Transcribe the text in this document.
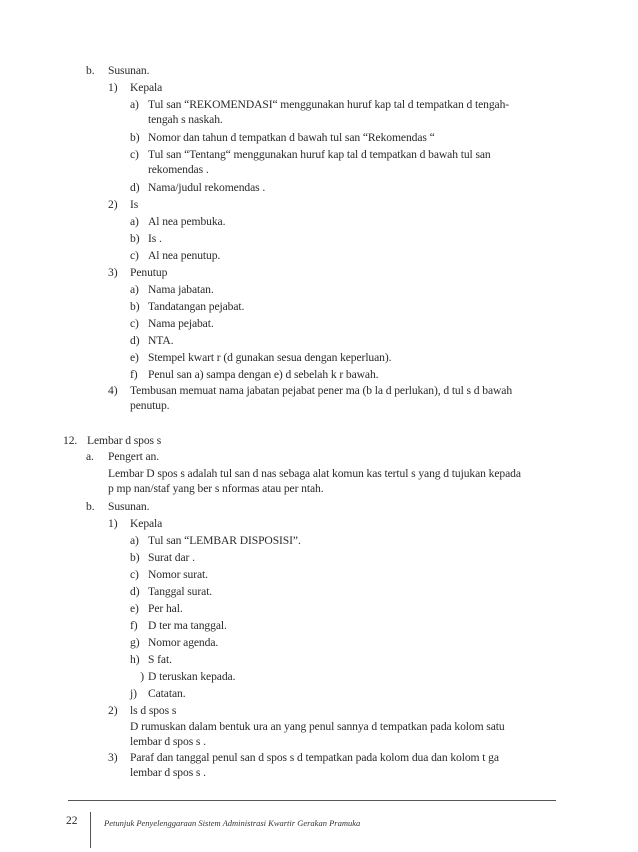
b. Susunan.
1) Kepala
a) Tul san “REKOMENDASI“ menggunakan huruf kap tal d tempatkan d tengah-
tengah s naskah.
b) Nomor dan tahun d tempatkan d bawah tul san “Rekomendas “
c) Tul san “Tentang“ menggunakan huruf kap tal d tempatkan d bawah tul san
rekomendas .
d) Nama/judul rekomendas .
2) Is
a) Al nea pembuka.
b) Is .
c) Al nea penutup.
3) Penutup
a) Nama jabatan.
b) Tandatangan pejabat.
c) Nama pejabat.
d) NTA.
e) Stempel kwart r (d gunakan sesua dengan keperluan).
f) Penul san a) sampa dengan e) d sebelah k r bawah.
4) Tembusan memuat nama jabatan pejabat pener ma (b la d perlukan), d tul s d bawah
penutup.
12. Lembar d spos s
a. Pengert an.
Lembar D spos s adalah tul san d nas sebaga alat komun kas tertul s yang d tujukan kepada
p mp nan/staf yang ber s nformas atau per ntah.
b. Susunan.
1) Kepala
a) Tul san “LEMBAR DISPOSISI”.
b) Surat dar .
c) Nomor surat.
d) Tanggal surat.
e) Per hal.
f) D ter ma tanggal.
g) Nomor agenda.
h) S fat.
) D teruskan kepada.
j) Catatan.
2) ls d spos s
D rumuskan dalam bentuk ura an yang penul sannya d tempatkan pada kolom satu
lembar d spos s .
3) Paraf dan tanggal penul san d spos s d tempatkan pada kolom dua dan kolom t ga
lembar d spos s .
22	Petunjuk Penyelenggaraan Sistem Administrasi Kwartir Gerakan Pramuka
